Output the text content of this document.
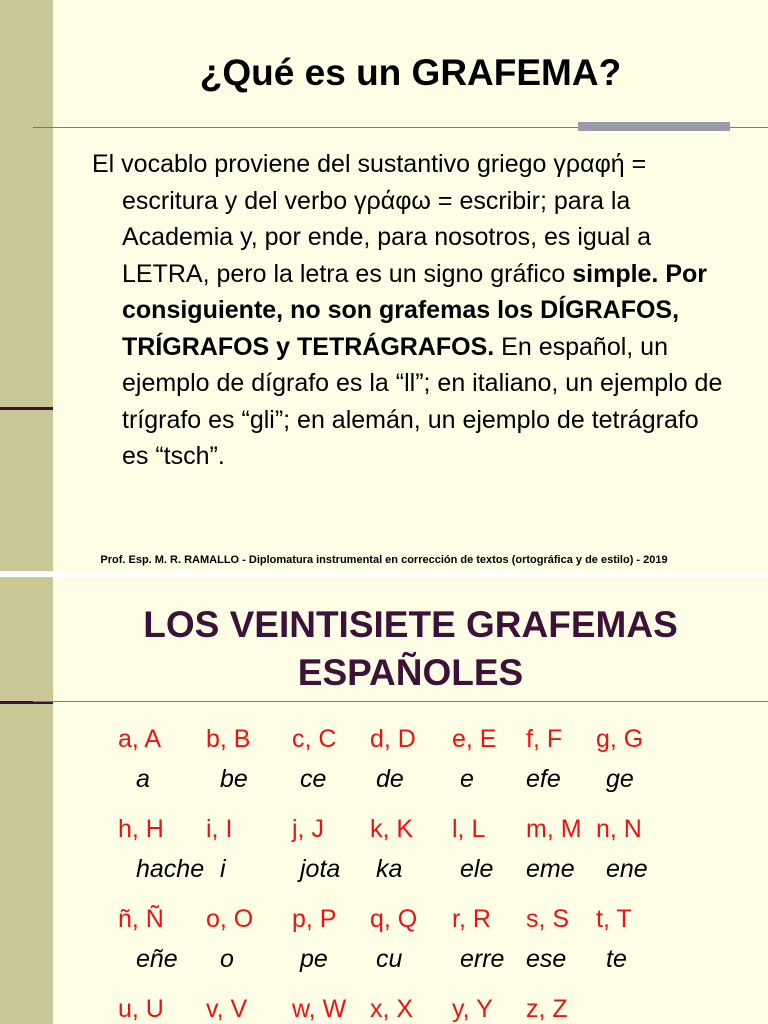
¿Qué es un GRAFEMA?
El vocablo proviene del sustantivo griego γραφή = escritura y del verbo γράφω = escribir; para la Academia y, por ende, para nosotros, es igual a LETRA, pero la letra es un signo gráfico simple. Por consiguiente, no son grafemas los DÍGRAFOS, TRÍGRAFOS y TETRÁGRAFOS. En español, un ejemplo de dígrafo es la “ll”; en italiano, un ejemplo de trígrafo es “gli”; en alemán, un ejemplo de tetrágrafo es “tsch”.
Prof. Esp. M. R. RAMALLO - Diplomatura instrumental en corrección de textos (ortográfica y de estilo) - 2019
LOS VEINTISIETE GRAFEMAS
ESPAÑOLES
a, A b, B c, C d, D e, E f, F g, G
a	be ce de e efe ge
h, H i, I j, J k, K l, L m, M n, N
hache i	jota ka ele eme ene
ñ, Ñ o, O p, P q, Q r, R s, S t, T
eñe o	pe cu erre ese te
u, U v, V w, W x, X y, Y z, Z
